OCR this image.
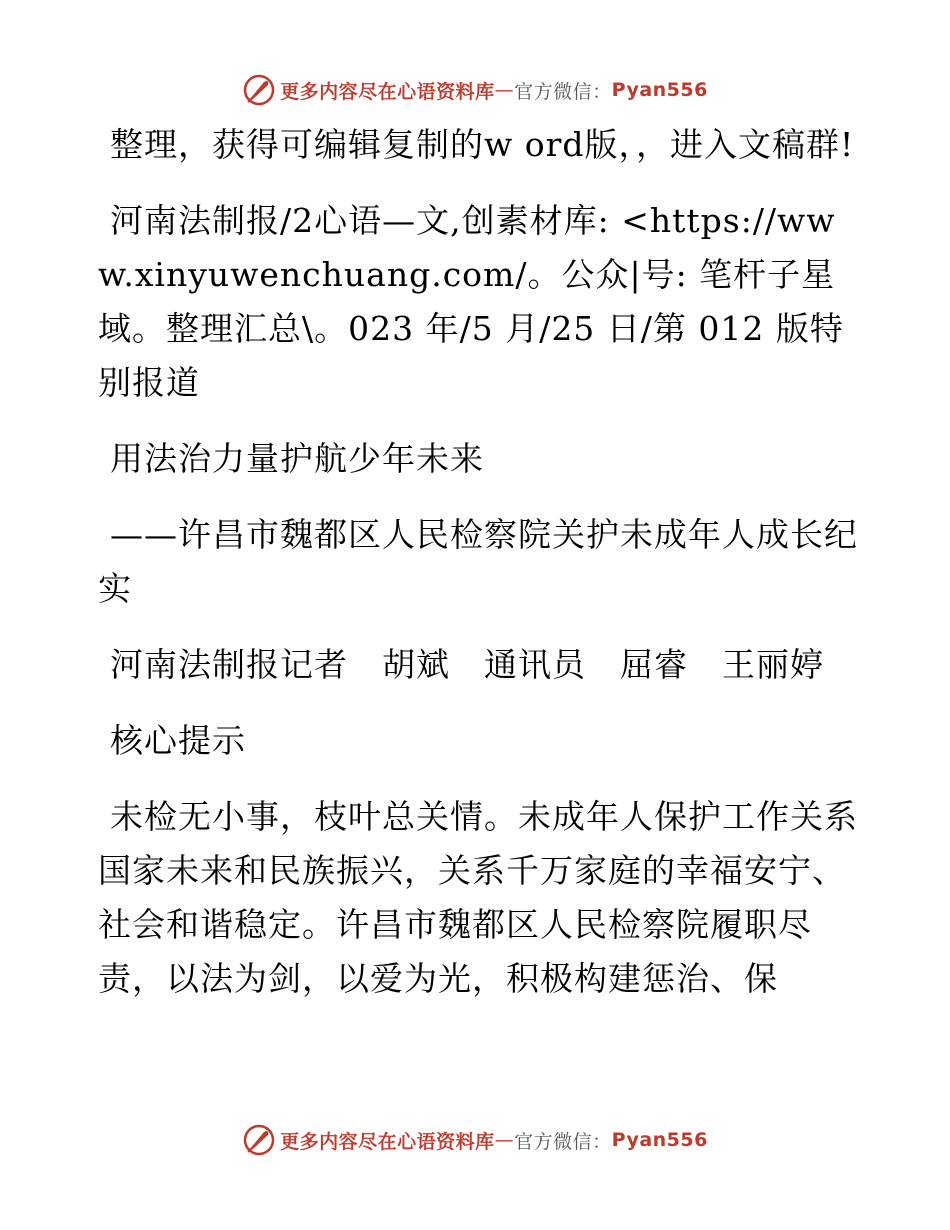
更多内容尽在心语资料库 — 官方微信： Pyan556

整理，获得可编辑复制的w ord版，，进入文稿群!

河南法制报/2心语—文,创素材库: <https://www.xinyuwenchuang.com/。公众|号: 笔杆子星域。整理汇总\。023 年/5 月/25 日/第 012 版特别报道

用法治力量护航少年未来

——许昌市魏都区人民检察院关护未成年人成长纪实

河南法制报记者　胡斌　通讯员　屈睿　王丽婷

核心提示

未检无小事，枝叶总关情。未成年人保护工作关系国家未来和民族振兴，关系千万家庭的幸福安宁、社会和谐稳定。许昌市魏都区人民检察院履职尽责，以法为剑，以爱为光，积极构建惩治、保

更多内容尽在心语资料库 — 官方微信： Pyan556
